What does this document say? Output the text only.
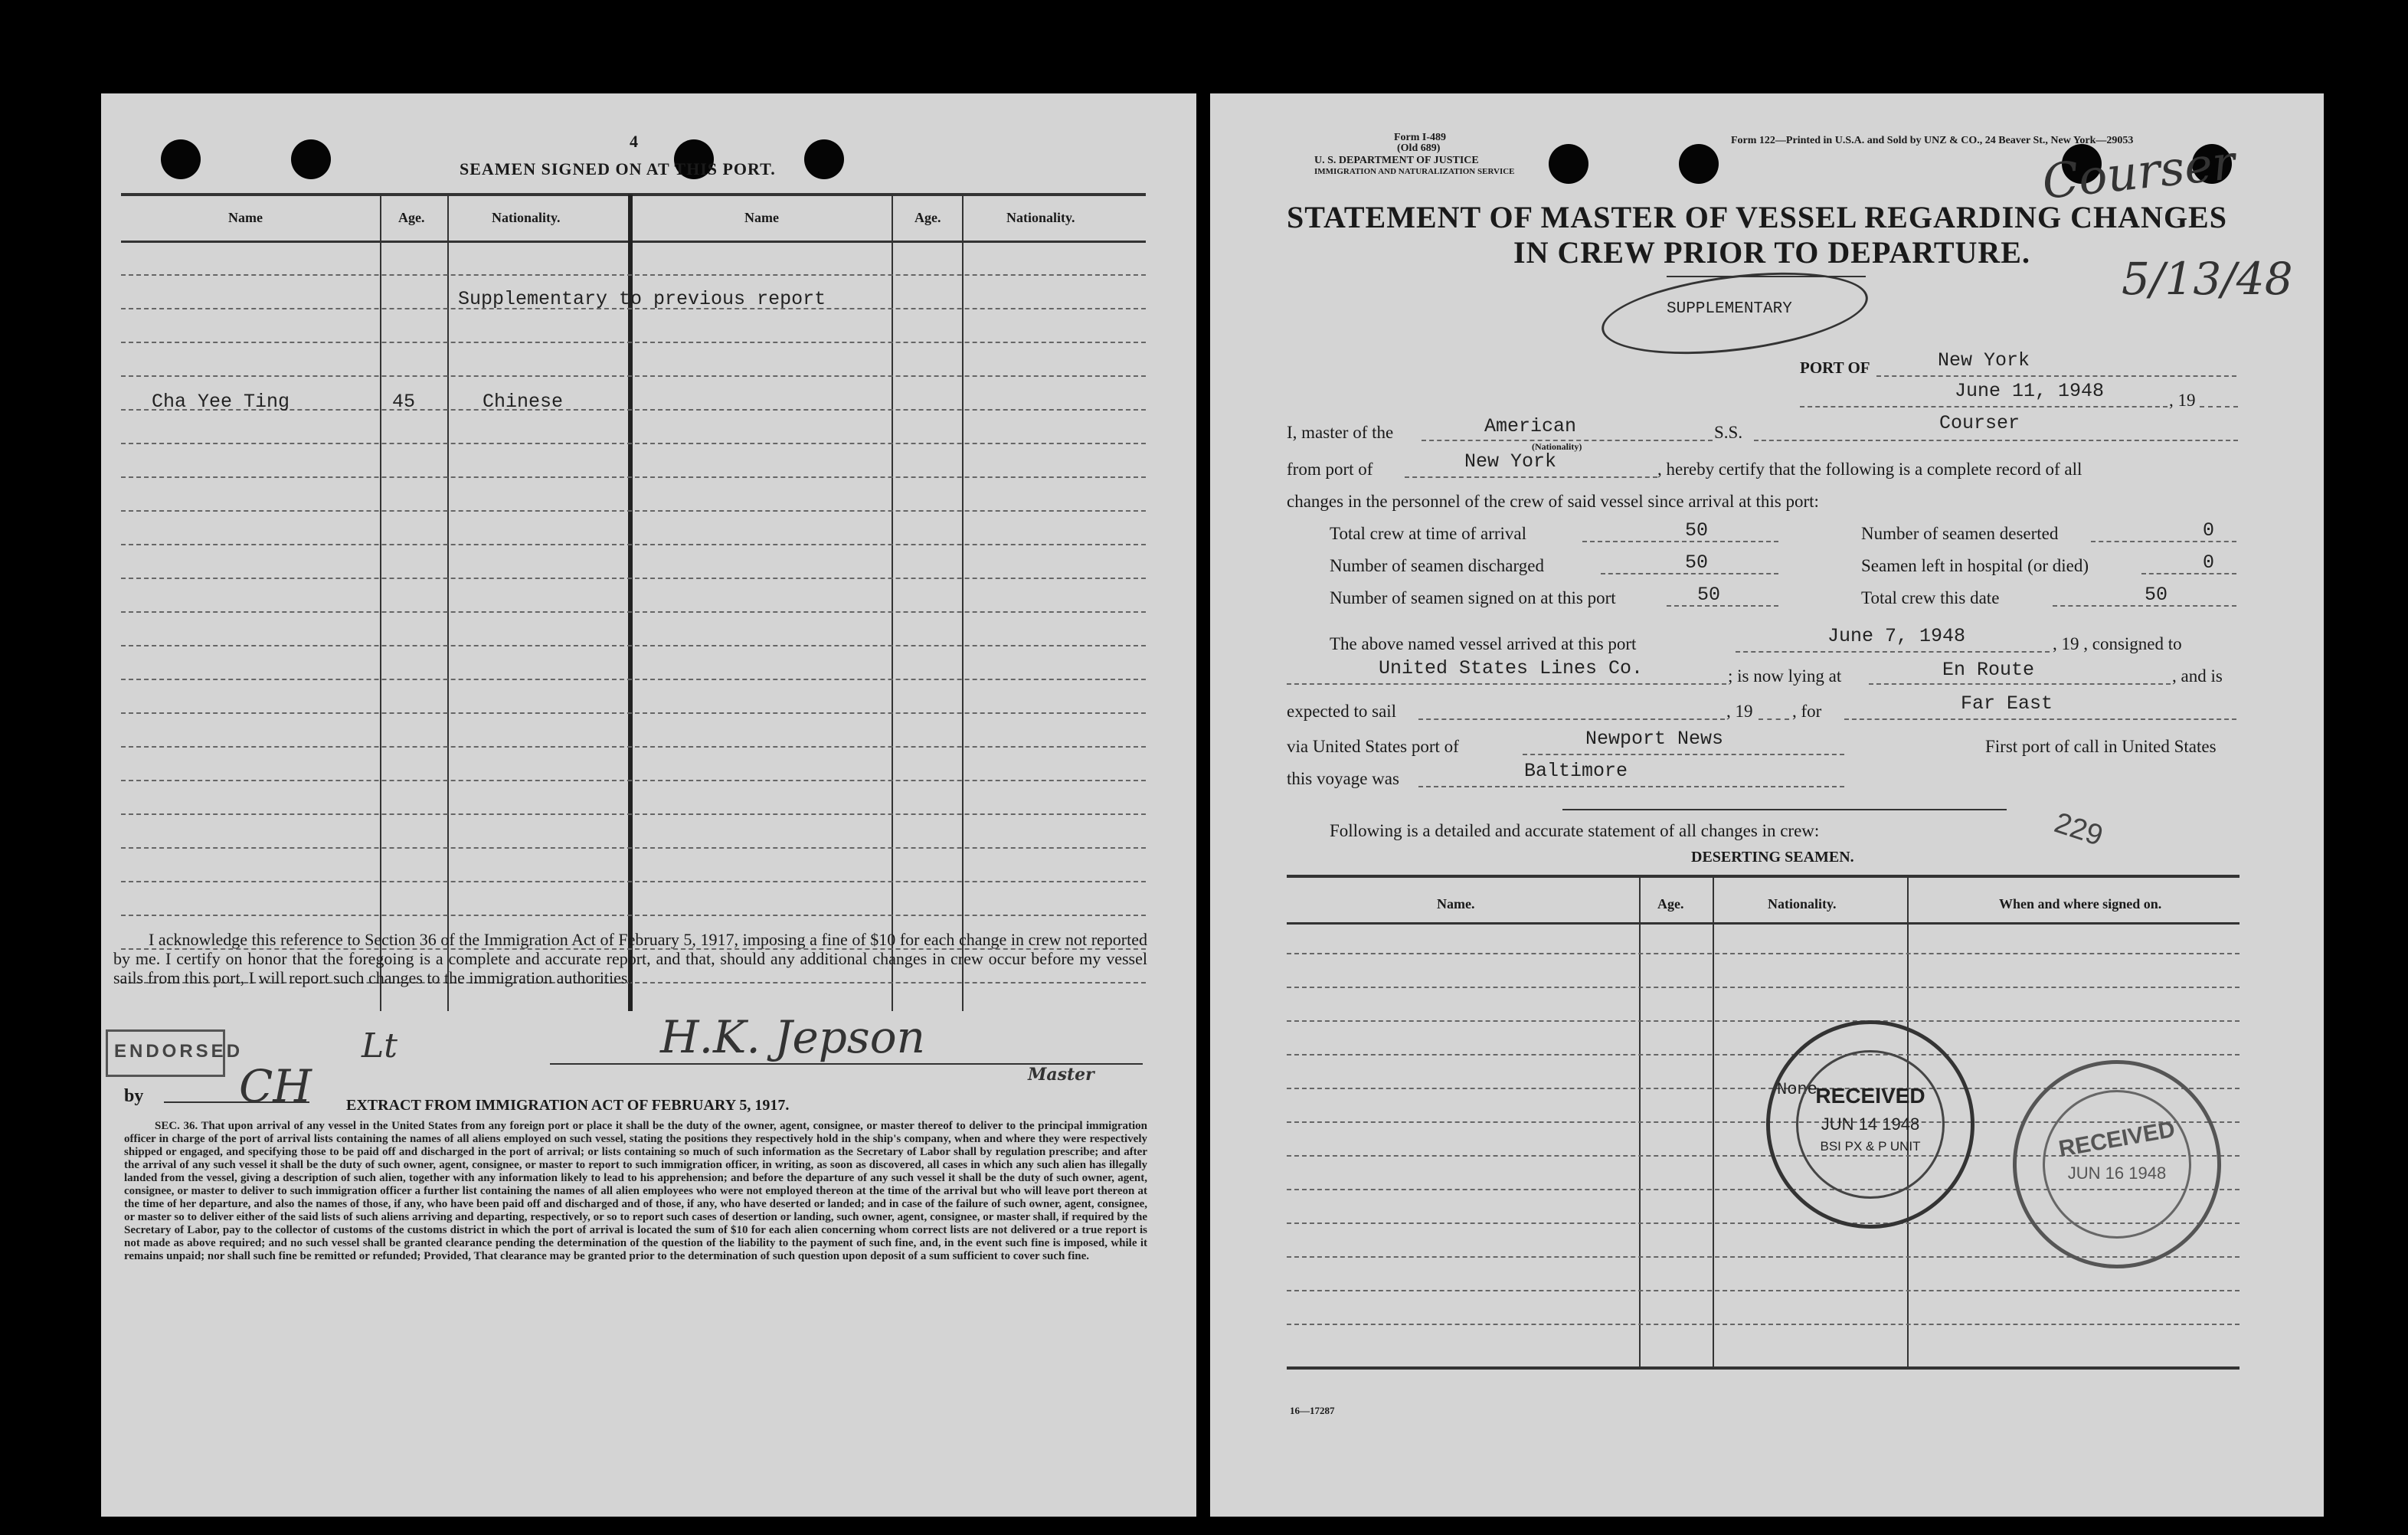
4
SEAMEN SIGNED ON AT THIS PORT.
Name	Age.	Nationality.	Name	Age.	Nationality.
Supplementary to previous report
Cha Yee Ting	45	Chinese
I acknowledge this reference to Section 36 of the Immigration Act of February 5, 1917, imposing a fine of $10 for each change in crew not reported by me. I certify on honor that the foregoing is a complete and accurate report, and that, should any additional changes in crew occur before my vessel sails from this port, I will report such changes to the immigration authorities.
ENDORSED
by CH
Lt	H.K. Jepson
Master
EXTRACT FROM IMMIGRATION ACT OF FEBRUARY 5, 1917.
SEC. 36. That upon arrival of any vessel in the United States from any foreign port or place it shall be the duty of the owner, agent, consignee, or master thereof to deliver to the principal immigration officer in charge of the port of arrival lists containing the names of all aliens employed on such vessel, stating the positions they respectively hold in the ship's company, when and where they were respectively shipped or engaged, and specifying those to be paid off and discharged in the port of arrival; or lists containing so much of such information as the Secretary of Labor shall by regulation prescribe; and after the arrival of any such vessel it shall be the duty of such owner, agent, consignee, or master to report to such immigration officer, in writing, as soon as discovered, all cases in which any such alien has illegally landed from the vessel, giving a description of such alien, together with any information likely to lead to his apprehension; and before the departure of any such vessel it shall be the duty of such owner, agent, consignee, or master to deliver to such immigration officer a further list containing the names of all alien employees who were not employed thereon at the time of the arrival but who will leave port thereon at the time of her departure, and also the names of those, if any, who have been paid off and discharged and of those, if any, who have deserted or landed; and in case of the failure of such owner, agent, consignee, or master so to deliver either of the said lists of such aliens arriving and departing, respectively, or so to report such cases of desertion or landing, such owner, agent, consignee, or master shall, if required by the Secretary of Labor, pay to the collector of customs of the customs district in which the port of arrival is located the sum of $10 for each alien concerning whom correct lists are not delivered or a true report is not made as above required; and no such vessel shall be granted clearance pending the determination of the question of the liability to the payment of such fine, and, in the event such fine is imposed, while it remains unpaid; nor shall such fine be remitted or refunded; Provided, That clearance may be granted prior to the determination of such question upon deposit of a sum sufficient to cover such fine.
Form I-489
(Old 689)
U. S. DEPARTMENT OF JUSTICE
IMMIGRATION AND NATURALIZATION SERVICE
Form 122—Printed in U.S.A. and Sold by UNZ & CO., 24 Beaver St., New York—29053
Courser
5/13/48
STATEMENT OF MASTER OF VESSEL REGARDING CHANGES
IN CREW PRIOR TO DEPARTURE.
SUPPLEMENTARY
PORT OF	New York
June 11, 1948	, 19
I, master of the	American
(Nationality)
S.S.	Courser
from port of	New York	, hereby certify that the following is a complete record of all
changes in the personnel of the crew of said vessel since arrival at this port:
Total crew at time of arrival	50	Number of seamen deserted	0
Number of seamen discharged	50	Seamen left in hospital (or died)	0
Number of seamen signed on at this port	50	Total crew this date	50
The above named vessel arrived at this port	June 7, 1948	, 19 , consigned to
United States Lines Co.	; is now lying at	En Route	, and is
expected to sail	, 19 , for	Far East
via United States port of	Newport News	First port of call in United States
this voyage was	Baltimore
Following is a detailed and accurate statement of all changes in crew:	229
DESERTING SEAMEN.
Name.	Age.	Nationality.	When and where signed on.
None
RECEIVED
JUN 14 1948
BSI PX & P UNIT	RECEIVED
JUN 16 1948
16—17287
